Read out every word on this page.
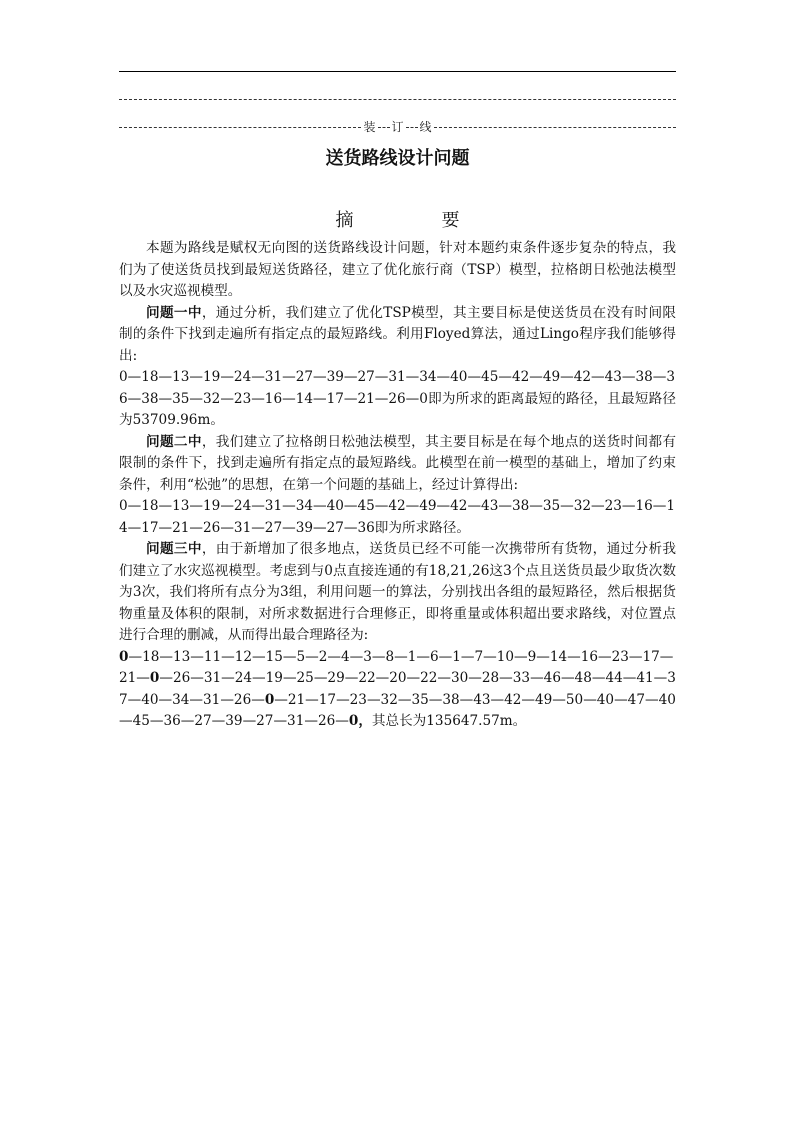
装 订 线
送货路线设计问题
摘	要

本题为路线是赋权无向图的送货路线设计问题，针对本题约束条件逐步复杂的特点，我们为了使送货员找到最短送货路径，建立了优化旅行商（TSP）模型，拉格朗日松弛法模型以及水灾巡视模型。

问题一中，通过分析，我们建立了优化TSP模型，其主要目标是使送货员在没有时间限制的条件下找到走遍所有指定点的最短路线。利用Floyed算法，通过Lingo程序我们能够得出:

0—18—13—19—24—31—27—39—27—31—34—40—45—42—49—42—43—38—36—38—35—32—23—16—14—17—21—26—0即为所求的距离最短的路径，且最短路径为53709.96m。

问题二中，我们建立了拉格朗日松弛法模型，其主要目标是在每个地点的送货时间都有限制的条件下，找到走遍所有指定点的最短路线。此模型在前一模型的基础上，增加了约束条件，利用“松弛”的思想，在第一个问题的基础上，经过计算得出:

0—18—13—19—24—31—34—40—45—42—49—42—43—38—35—32—23—16—14—17—21—26—31—27—39—27—36即为所求路径。

问题三中，由于新增加了很多地点，送货员已经不可能一次携带所有货物，通过分析我们建立了水灾巡视模型。考虑到与0点直接连通的有18,21,26这3个点且送货员最少取货次数为3次，我们将所有点分为3组，利用问题一的算法，分别找出各组的最短路径，然后根据货物重量及体积的限制，对所求数据进行合理修正，即将重量或体积超出要求路线，对位置点进行合理的删减，从而得出最合理路径为:

0—18—13—11—12—15—5—2—4—3—8—1—6—1—7—10—9—14—16—23—17—21—0—26—31—24—19—25—29—22—20—22—30—28—33—46—48—44—41—37—40—34—31—26—0—21—17—23—32—35—38—43—42—49—50—40—47—40—45—36—27—39—27—31—26—0，其总长为135647.57m。
